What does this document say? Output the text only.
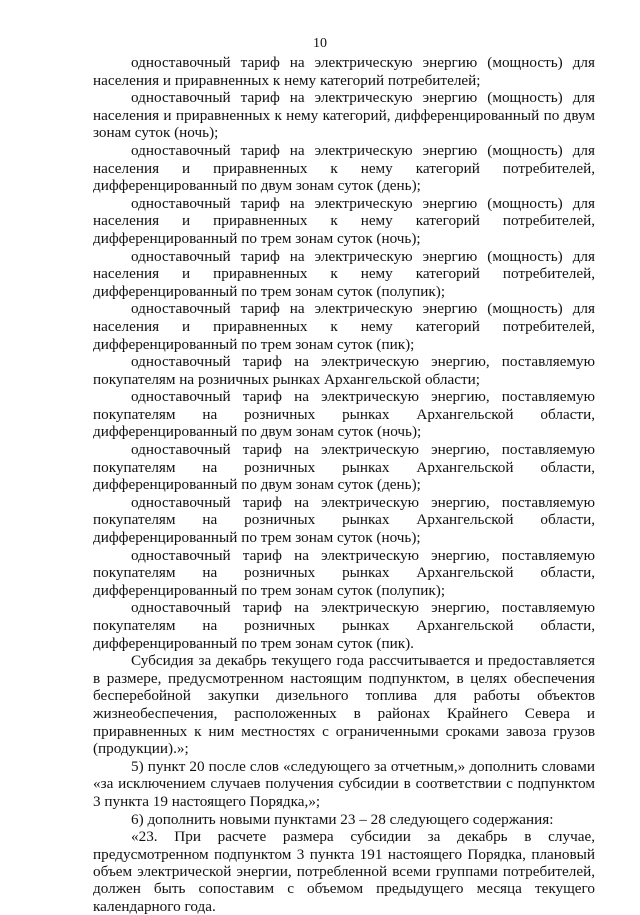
10

одноставочный тариф на электрическую энергию (мощность) для населения и приравненных к нему категорий потребителей;

одноставочный тариф на электрическую энергию (мощность) для населения и приравненных к нему категорий, дифференцированный по двум зонам суток (ночь);

одноставочный тариф на электрическую энергию (мощность) для населения и приравненных к нему категорий потребителей, дифференцированный по двум зонам суток (день);

одноставочный тариф на электрическую энергию (мощность) для населения и приравненных к нему категорий потребителей, дифференцированный по трем зонам суток (ночь);

одноставочный тариф на электрическую энергию (мощность) для населения и приравненных к нему категорий потребителей, дифференцированный по трем зонам суток (полупик);

одноставочный тариф на электрическую энергию (мощность) для населения и приравненных к нему категорий потребителей, дифференцированный по трем зонам суток (пик);

одноставочный тариф на электрическую энергию, поставляемую покупателям на розничных рынках Архангельской области;

одноставочный тариф на электрическую энергию, поставляемую покупателям на розничных рынках Архангельской области, дифференцированный по двум зонам суток (ночь);

одноставочный тариф на электрическую энергию, поставляемую покупателям на розничных рынках Архангельской области, дифференцированный по двум зонам суток (день);

одноставочный тариф на электрическую энергию, поставляемую покупателям на розничных рынках Архангельской области, дифференцированный по трем зонам суток (ночь);

одноставочный тариф на электрическую энергию, поставляемую покупателям на розничных рынках Архангельской области, дифференцированный по трем зонам суток (полупик);

одноставочный тариф на электрическую энергию, поставляемую покупателям на розничных рынках Архангельской области, дифференцированный по трем зонам суток (пик).

Субсидия за декабрь текущего года рассчитывается и предоставляется в размере, предусмотренном настоящим подпунктом, в целях обеспечения бесперебойной закупки дизельного топлива для работы объектов жизнеобеспечения, расположенных в районах Крайнего Севера и приравненных к ним местностях с ограниченными сроками завоза грузов (продукции).»;

5) пункт 20 после слов «следующего за отчетным,» дополнить словами «за исключением случаев получения субсидии в соответствии с подпунктом 3 пункта 19 настоящего Порядка,»;

6) дополнить новыми пунктами 23 – 28 следующего содержания:

«23. При расчете размера субсидии за декабрь в случае, предусмотренном подпунктом 3 пункта 191 настоящего Порядка, плановый объем электрической энергии, потребленной всеми группами потребителей, должен быть сопоставим с объемом предыдущего месяца текущего календарного года.
